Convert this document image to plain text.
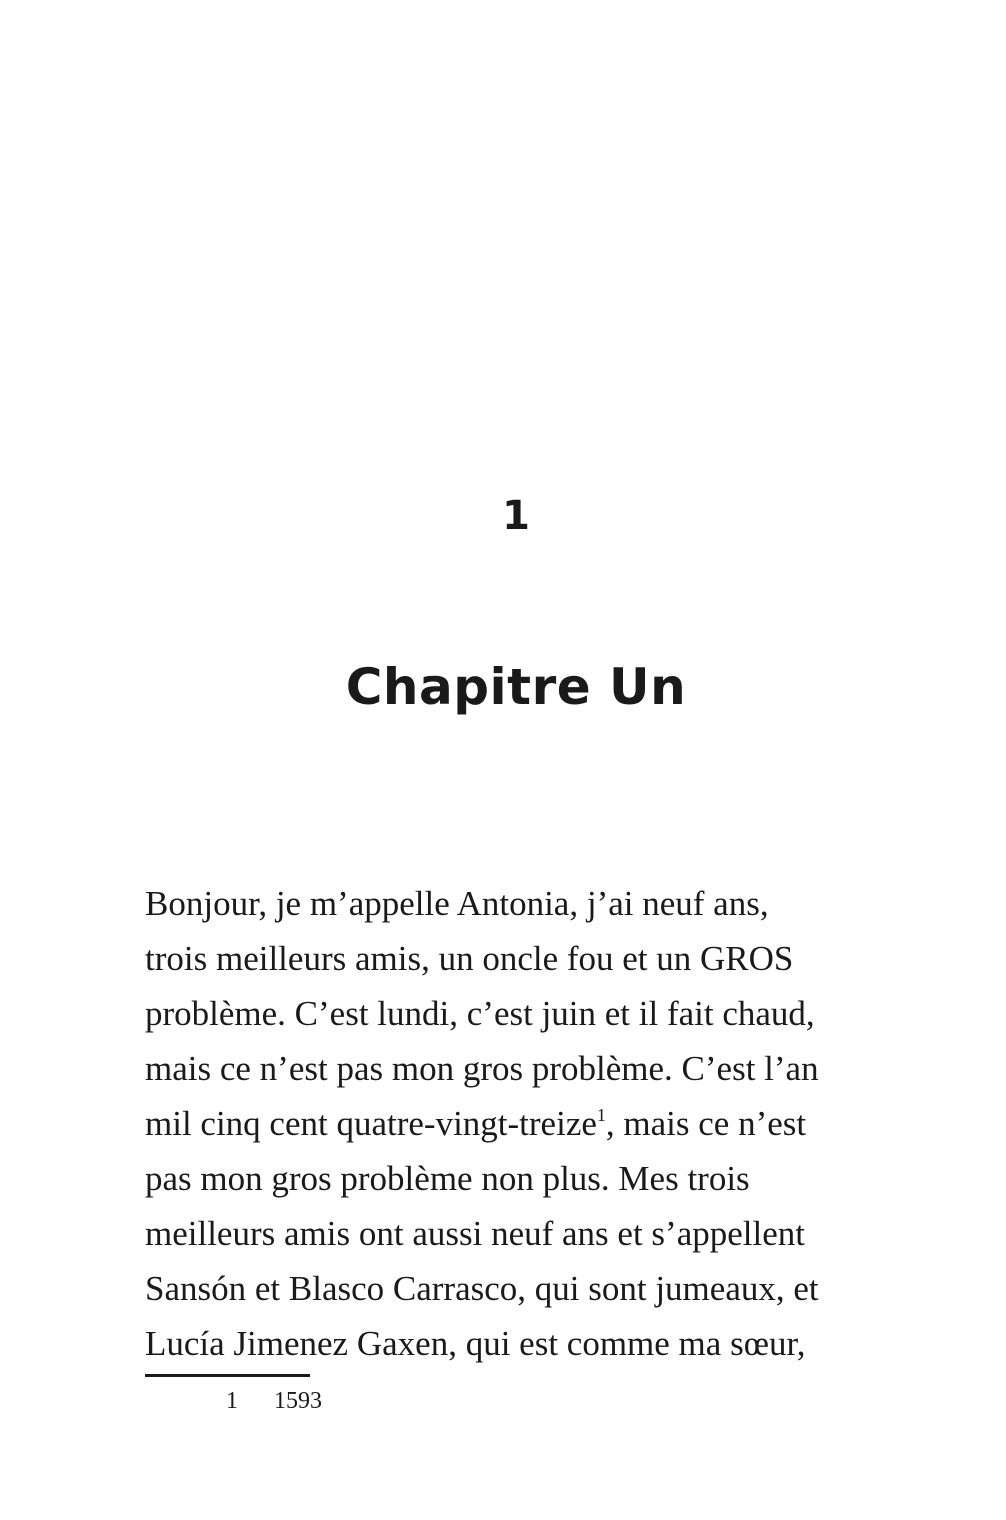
1
Chapitre Un
Bonjour, je m’appelle Antonia, j’ai neuf ans,
trois meilleurs amis, un oncle fou et un GROS
problème. C’est lundi, c’est juin et il fait chaud,
mais ce n’est pas mon gros problème. C’est l’an
mil cinq cent quatre-vingt-treize$^1$, mais ce n’est
pas mon gros problème non plus. Mes trois
meilleurs amis ont aussi neuf ans et s’appellent
Sansón et Blasco Carrasco, qui sont jumeaux, et
Lucía Jimenez Gaxen, qui est comme ma sœur,
1 1593
